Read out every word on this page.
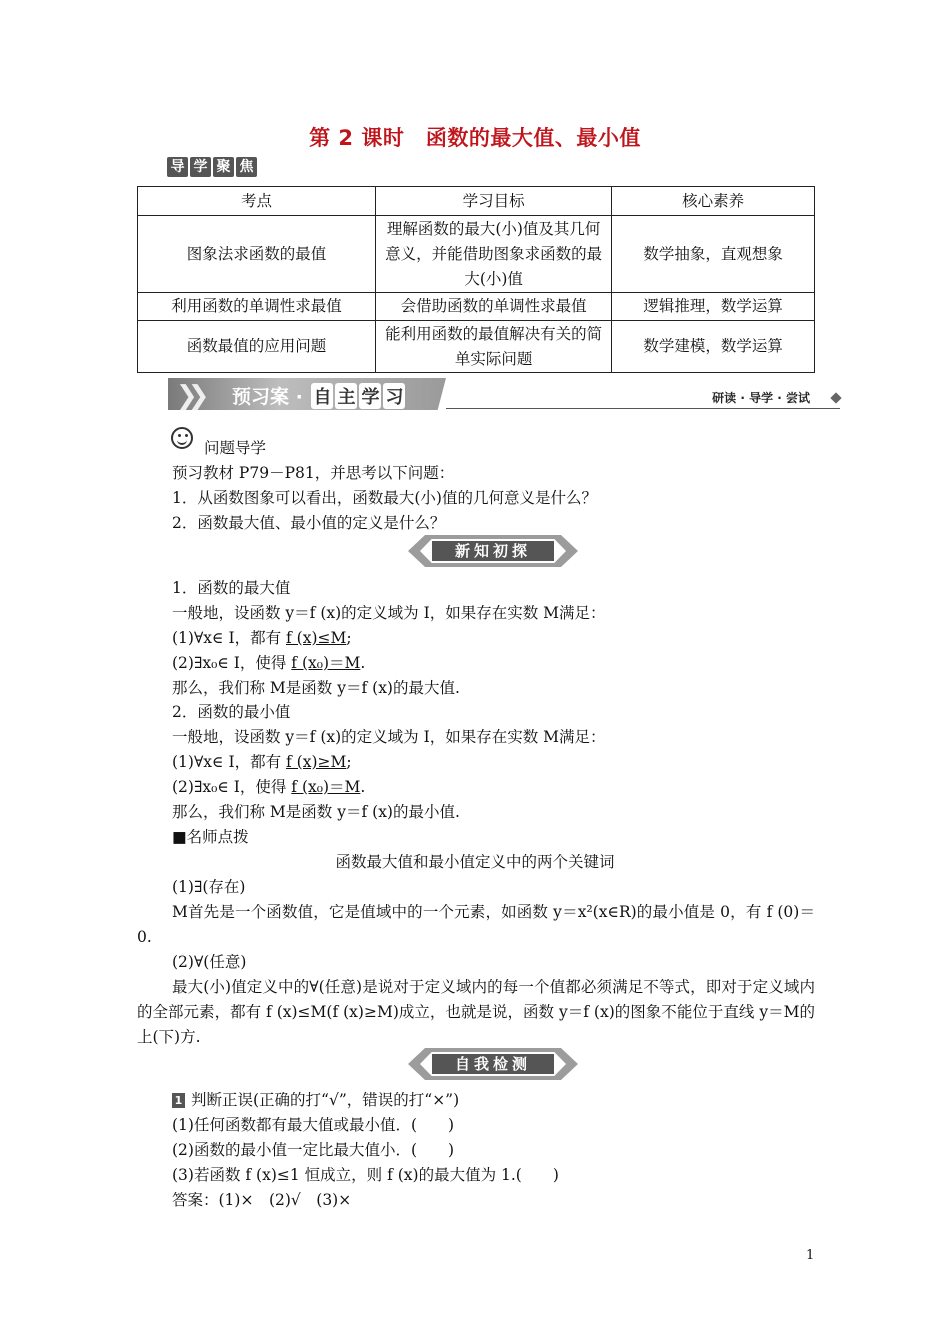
第 2 课时　函数的最大值、最小值
导 学 聚 焦
考点	学习目标	核心素养
图象法求函数的最值	理解函数的最大(小)值及其几何意义，并能借助图象求函数的最大(小)值	数学抽象，直观想象
利用函数的单调性求最值	会借助函数的单调性求最值	逻辑推理，数学运算
函数最值的应用问题	能利用函数的最值解决有关的简单实际问题	数学建模，数学运算
❯❯ 预习案 · 自 主 学 习	研读 · 导学 · 尝试
问题导学
预习教材 P79－P81，并思考以下问题：
1．从函数图象可以看出，函数最大(小)值的几何意义是什么？
2．函数最大值、最小值的定义是什么？
新知初探
1．函数的最大值
一般地，设函数 y＝f (x)的定义域为 I，如果存在实数 M满足：
(1)∀x∈ I，都有 f (x)≤M;
(2)∃x₀∈ I，使得 f (x₀)＝M.
那么，我们称 M是函数 y＝f (x)的最大值.
2．函数的最小值
一般地，设函数 y＝f (x)的定义域为 I，如果存在实数 M满足：
(1)∀x∈ I，都有 f (x)≥M;
(2)∃x₀∈ I，使得 f (x₀)＝M.
那么，我们称 M是函数 y＝f (x)的最小值.
■名师点拨
函数最大值和最小值定义中的两个关键词
(1)∃(存在)
M首先是一个函数值，它是值域中的一个元素，如函数 y＝x²(x∈R)的最小值是 0，有 f (0)＝0.
(2)∀(任意)
最大(小)值定义中的∀(任意)是说对于定义域内的每一个值都必须满足不等式，即对于定义域内的全部元素，都有 f (x)≤M(f (x)≥M)成立，也就是说，函数 y＝f (x)的图象不能位于直线 y＝M的上(下)方.
自我检测
1 判断正误(正确的打“√”，错误的打“×”)
(1)任何函数都有最大值或最小值．(　　)
(2)函数的最小值一定比最大值小．(　　)
(3)若函数 f (x)≤1 恒成立，则 f (x)的最大值为 1.(　　)
答案：(1)×　(2)√　(3)×
1
